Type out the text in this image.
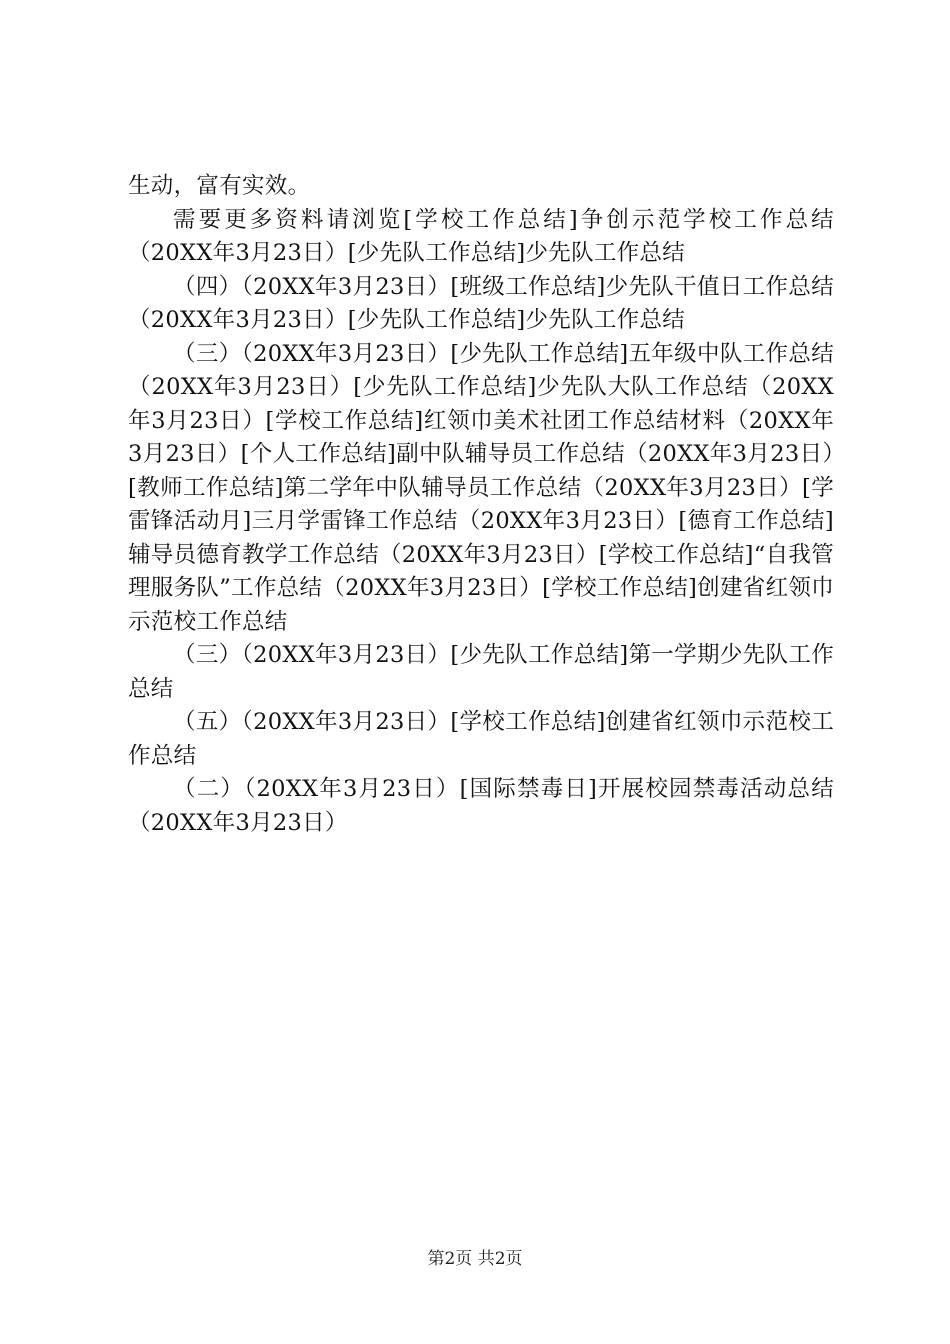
生动，富有实效。

需要更多资料请浏览[学校工作总结]争创示范学校工作总结（20XX年3月23日）[少先队工作总结]少先队工作总结

（四）（20XX年3月23日）[班级工作总结]少先队干值日工作总结（20XX年3月23日）[少先队工作总结]少先队工作总结

（三）（20XX年3月23日）[少先队工作总结]五年级中队工作总结（20XX年3月23日）[少先队工作总结]少先队大队工作总结（20XX年3月23日）[学校工作总结]红领巾美术社团工作总结材料（20XX年3月23日）[个人工作总结]副中队辅导员工作总结（20XX年3月23日）[教师工作总结]第二学年中队辅导员工作总结（20XX年3月23日）[学雷锋活动月]三月学雷锋工作总结（20XX年3月23日）[德育工作总结]辅导员德育教学工作总结（20XX年3月23日）[学校工作总结]“自我管理服务队”工作总结（20XX年3月23日）[学校工作总结]创建省红领巾示范校工作总结

（三）（20XX年3月23日）[少先队工作总结]第一学期少先队工作总结

（五）（20XX年3月23日）[学校工作总结]创建省红领巾示范校工作总结

（二）（20XX年3月23日）[国际禁毒日]开展校园禁毒活动总结（20XX年3月23日）

第2页 共2页
